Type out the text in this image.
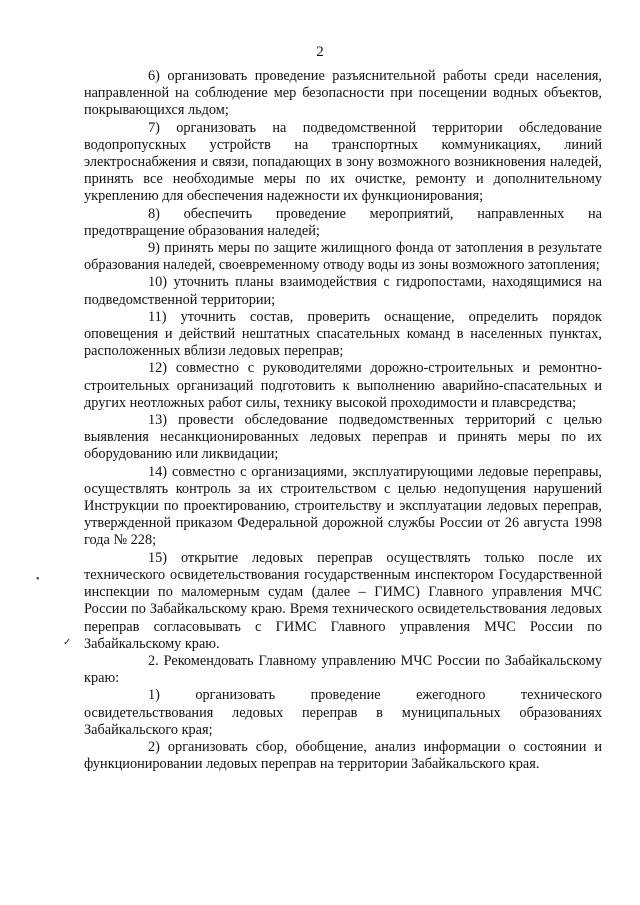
2
•
✓

6) организовать проведение разъяснительной работы среди населения, направленной на соблюдение мер безопасности при посещении водных объектов, покрывающихся льдом;

7) организовать на подведомственной территории обследование водопропускных устройств на транспортных коммуникациях, линий электроснабжения и связи, попадающих в зону возможного возникновения наледей, принять все необходимые меры по их очистке, ремонту и дополнительному укреплению для обеспечения надежности их функционирования;

8) обеспечить проведение мероприятий, направленных на предотвращение образования наледей;

9) принять меры по защите жилищного фонда от затопления в результате образования наледей, своевременному отводу воды из зоны возможного затопления;

10) уточнить планы взаимодействия с гидропостами, находящимися на подведомственной территории;

11) уточнить состав, проверить оснащение, определить порядок оповещения и действий нештатных спасательных команд в населенных пунктах, расположенных вблизи ледовых переправ;

12) совместно с руководителями дорожно-строительных и ремонтно-строительных организаций подготовить к выполнению аварийно-спасательных и других неотложных работ силы, технику высокой проходимости и плавсредства;

13) провести обследование подведомственных территорий с целью выявления несанкционированных ледовых переправ и принять меры по их оборудованию или ликвидации;

14) совместно с организациями, эксплуатирующими ледовые переправы, осуществлять контроль за их строительством с целью недопущения нарушений Инструкции по проектированию, строительству и эксплуатации ледовых переправ, утвержденной приказом Федеральной дорожной службы России от 26 августа 1998 года № 228;

15) открытие ледовых переправ осуществлять только после их технического освидетельствования государственным инспектором Государственной инспекции по маломерным судам (далее – ГИМС) Главного управления МЧС России по Забайкальскому краю. Время технического освидетельствования ледовых переправ согласовывать с ГИМС Главного управления МЧС России по Забайкальскому краю.

2. Рекомендовать Главному управлению МЧС России по Забайкальскому краю:

1) организовать проведение ежегодного технического освидетельствования ледовых переправ в муниципальных образованиях Забайкальского края;

2) организовать сбор, обобщение, анализ информации о состоянии и функционировании ледовых переправ на территории Забайкальского края.
